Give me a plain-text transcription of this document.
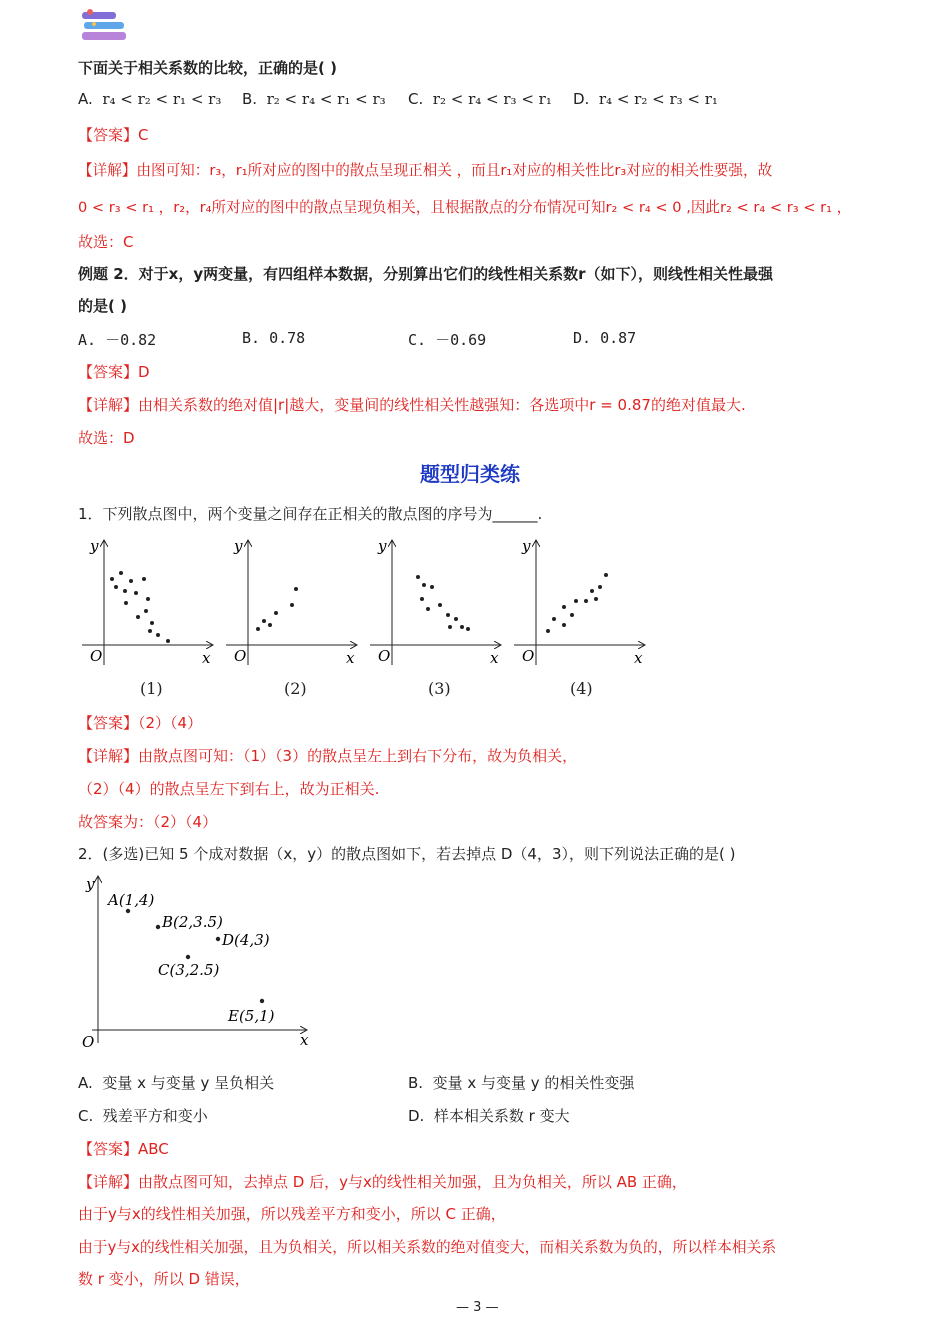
下面关于相关系数的比较，正确的是( )
A. r₄ < r₂ < r₁ < r₃ B. r₂ < r₄ < r₁ < r₃ C. r₂ < r₄ < r₃ < r₁ D. r₄ < r₂ < r₃ < r₁
【答案】C
【详解】由图可知：r₃，r₁所对应的图中的散点呈现正相关 ，而且r₁对应的相关性比r₃对应的相关性要强，故
0 < r₃ < r₁ ，r₂，r₄所对应的图中的散点呈现负相关，且根据散点的分布情况可知r₂ < r₄ < 0 ,因此r₂ < r₄ < r₃ < r₁ ，
故选：C
例题 2．对于x，y两变量，有四组样本数据，分别算出它们的线性相关系数r（如下），则线性相关性最强
的是( )
A. －0.82	B. 0.78	C. －0.69	D. 0.87
【答案】D
【详解】由相关系数的绝对值|r|越大，变量间的线性相关性越强知：各选项中r = 0.87的绝对值最大.
故选：D
题型归类练
1．下列散点图中，两个变量之间存在正相关的散点图的序号为______.
y
x
O
y
x
O
y
x
O
y
x
O
(1)	(2)	(3)	(4)
【答案】（2）（4）
【详解】由散点图可知：（1）（3）的散点呈左上到右下分布，故为负相关，
（2）（4）的散点呈左下到右上，故为正相关.
故答案为：（2）（4）
2．(多选)已知 5 个成对数据（x，y）的散点图如下，若去掉点 D（4，3），则下列说法正确的是( )
y
x
O
A(1,4)
B(2,3.5)
D(4,3)
C(3,2.5)
E(5,1)
A. 变量 x 与变量 y 呈负相关	B. 变量 x 与变量 y 的相关性变强
C. 残差平方和变小	D. 样本相关系数 r 变大
【答案】ABC
【详解】由散点图可知，去掉点 D 后，y与x的线性相关加强，且为负相关，所以 AB 正确，
由于y与x的线性相关加强，所以残差平方和变小，所以 C 正确，
由于y与x的线性相关加强，且为负相关，所以相关系数的绝对值变大，而相关系数为负的，所以样本相关系
数 r 变小，所以 D 错误，
— 3 —
